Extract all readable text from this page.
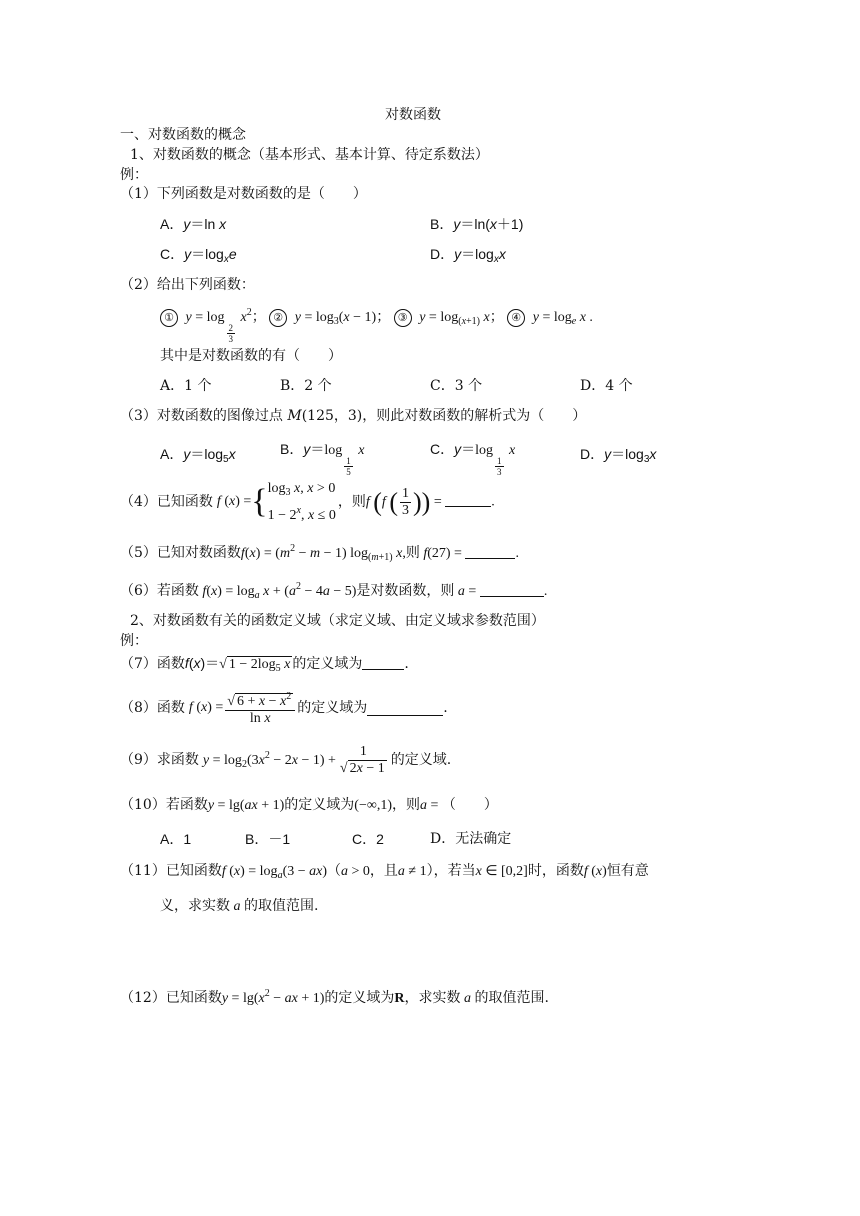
对数函数
一、对数函数的概念
1、对数函数的概念（基本形式、基本计算、待定系数法）
例：
（1）下列函数是对数函数的是（　　）
A．y＝ln x	B．y＝ln(x＋1)
C．$y=\log_xe$	D．$y=\log_xx$
（2）给出下列函数：
① y = log
$\frac{2}{3}$
$x^2$； ② $y = \log_3(x - 1)$； ③ $y = \log_{(x+1)} x$； ④ $y = \log_e x$ .
其中是对数函数的有（　　）
A．1 个	B．2 个	C．3 个	D．4 个
（3）对数函数的图像过点 M(125，3)，则此对数函数的解析式为（　　）
A．$y=\log_5x$	B．y＝log
$\frac{1}{5}$
x	C．y＝log
$\frac{1}{3}$
x	D．$y=\log_3x$
（4）已知函数 f (x) = { $\log_3 x$, x > 0
$1 - 2^x$, x ≤ 0
，则 f (f ( $\frac{1}{3}$ )) =	.
（5）已知对数函数$f(x) = (m^2 - m - 1)$ $\log_{(m+1)} x$,则 f(27) =	.
（6）若函数 $f(x) = \log_a x + (a^2 - 4a - 5)$是对数函数，则 a =	.
2、对数函数有关的函数定义域（求定义域、由定义域求参数范围）
例：
（7）函数f(x)＝√ $1 - 2\log_5$ x 的定义域为	.
（8）函数 f $(x) = \frac{√ 6 + x - x^2}{\text{ln x}}$ 的定义域为	.
（9）求函数 $y = \log_2(3x^2 - 2x - 1) + \frac{1}{√ 2x - 1}$ 的定义域.
（10）若函数y = lg(ax + 1)的定义域为(−∞,1)，则a = （　　）
A．1	B．－1	C．2	D．无法确定
（11）已知函数f $(x) = \log_a(3 - ax)(a > 0$，且a ≠ 1），若当x ∈ [0,2]时，函数f (x)恒有意
义，求实数 a 的取值范围.
（12）已知函数$y = \lg(x^2$ − ax + 1)的定义域为R，求实数 a 的取值范围.
